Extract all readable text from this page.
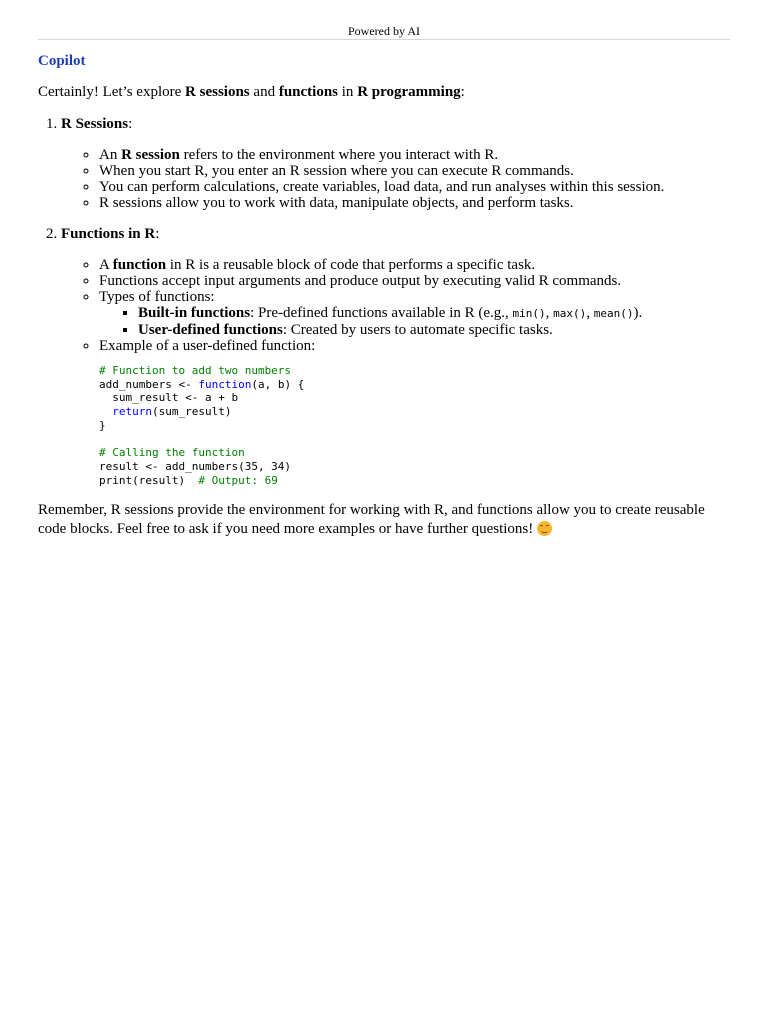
Powered by AI
Copilot

Certainly! Let’s explore R sessions and functions in R programming:

1. R Sessions:
◦ An R session refers to the environment where you interact with R.
◦ When you start R, you enter an R session where you can execute R commands.
◦ You can perform calculations, create variables, load data, and run analyses within this session.
◦ R sessions allow you to work with data, manipulate objects, and perform tasks.
2. Functions in R:
◦ A function in R is a reusable block of code that performs a specific task.
◦ Functions accept input arguments and produce output by executing valid R commands.
◦ Types of functions:
▪ Built-in functions: Pre-defined functions available in R (e.g., min(), max(), mean()).
▪ User-defined functions: Created by users to automate specific tasks.
◦ Example of a user-defined function:
# Function to add two numbers
add_numbers <- function(a, b) {
sum_result <- a + b
return(sum_result)
}

# Calling the function
result <- add_numbers(35, 34)
print(result)  # Output: 69

Remember, R sessions provide the environment for working with R, and functions allow you to create reusable code blocks. Feel free to ask if you need more examples or have further questions!
